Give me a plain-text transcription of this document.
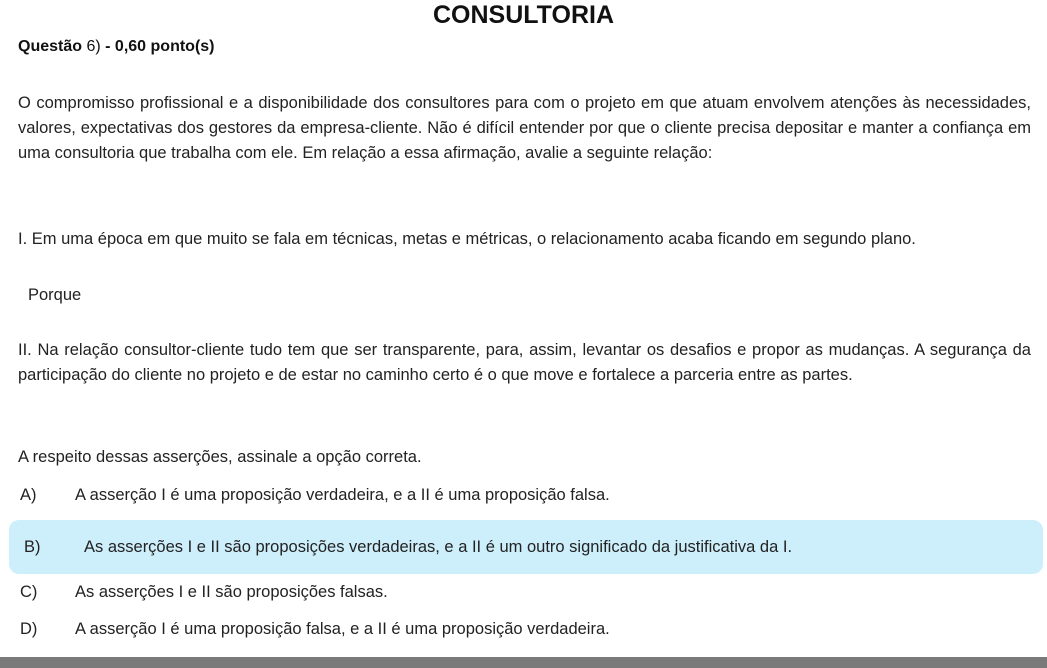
CONSULTORIA
Questão 6) - 0,60 ponto(s)
O compromisso profissional e a disponibilidade dos consultores para com o projeto em que atuam envolvem atenções às necessidades, valores, expectativas dos gestores da empresa-cliente. Não é difícil entender por que o cliente precisa depositar e manter a confiança em uma consultoria que trabalha com ele. Em relação a essa afirmação, avalie a seguinte relação:
I. Em uma época em que muito se fala em técnicas, metas e métricas, o relacionamento acaba ficando em segundo plano.
Porque
II. Na relação consultor-cliente tudo tem que ser transparente, para, assim, levantar os desafios e propor as mudanças. A segurança da participação do cliente no projeto e de estar no caminho certo é o que move e fortalece a parceria entre as partes.
A respeito dessas asserções, assinale a opção correta.
A) A asserção I é uma proposição verdadeira, e a II é uma proposição falsa.
B)	As asserções I e II são proposições verdadeiras, e a II é um outro significado da justificativa da I.
C) As asserções I e II são proposições falsas.
D) A asserção I é uma proposição falsa, e a II é uma proposição verdadeira.
